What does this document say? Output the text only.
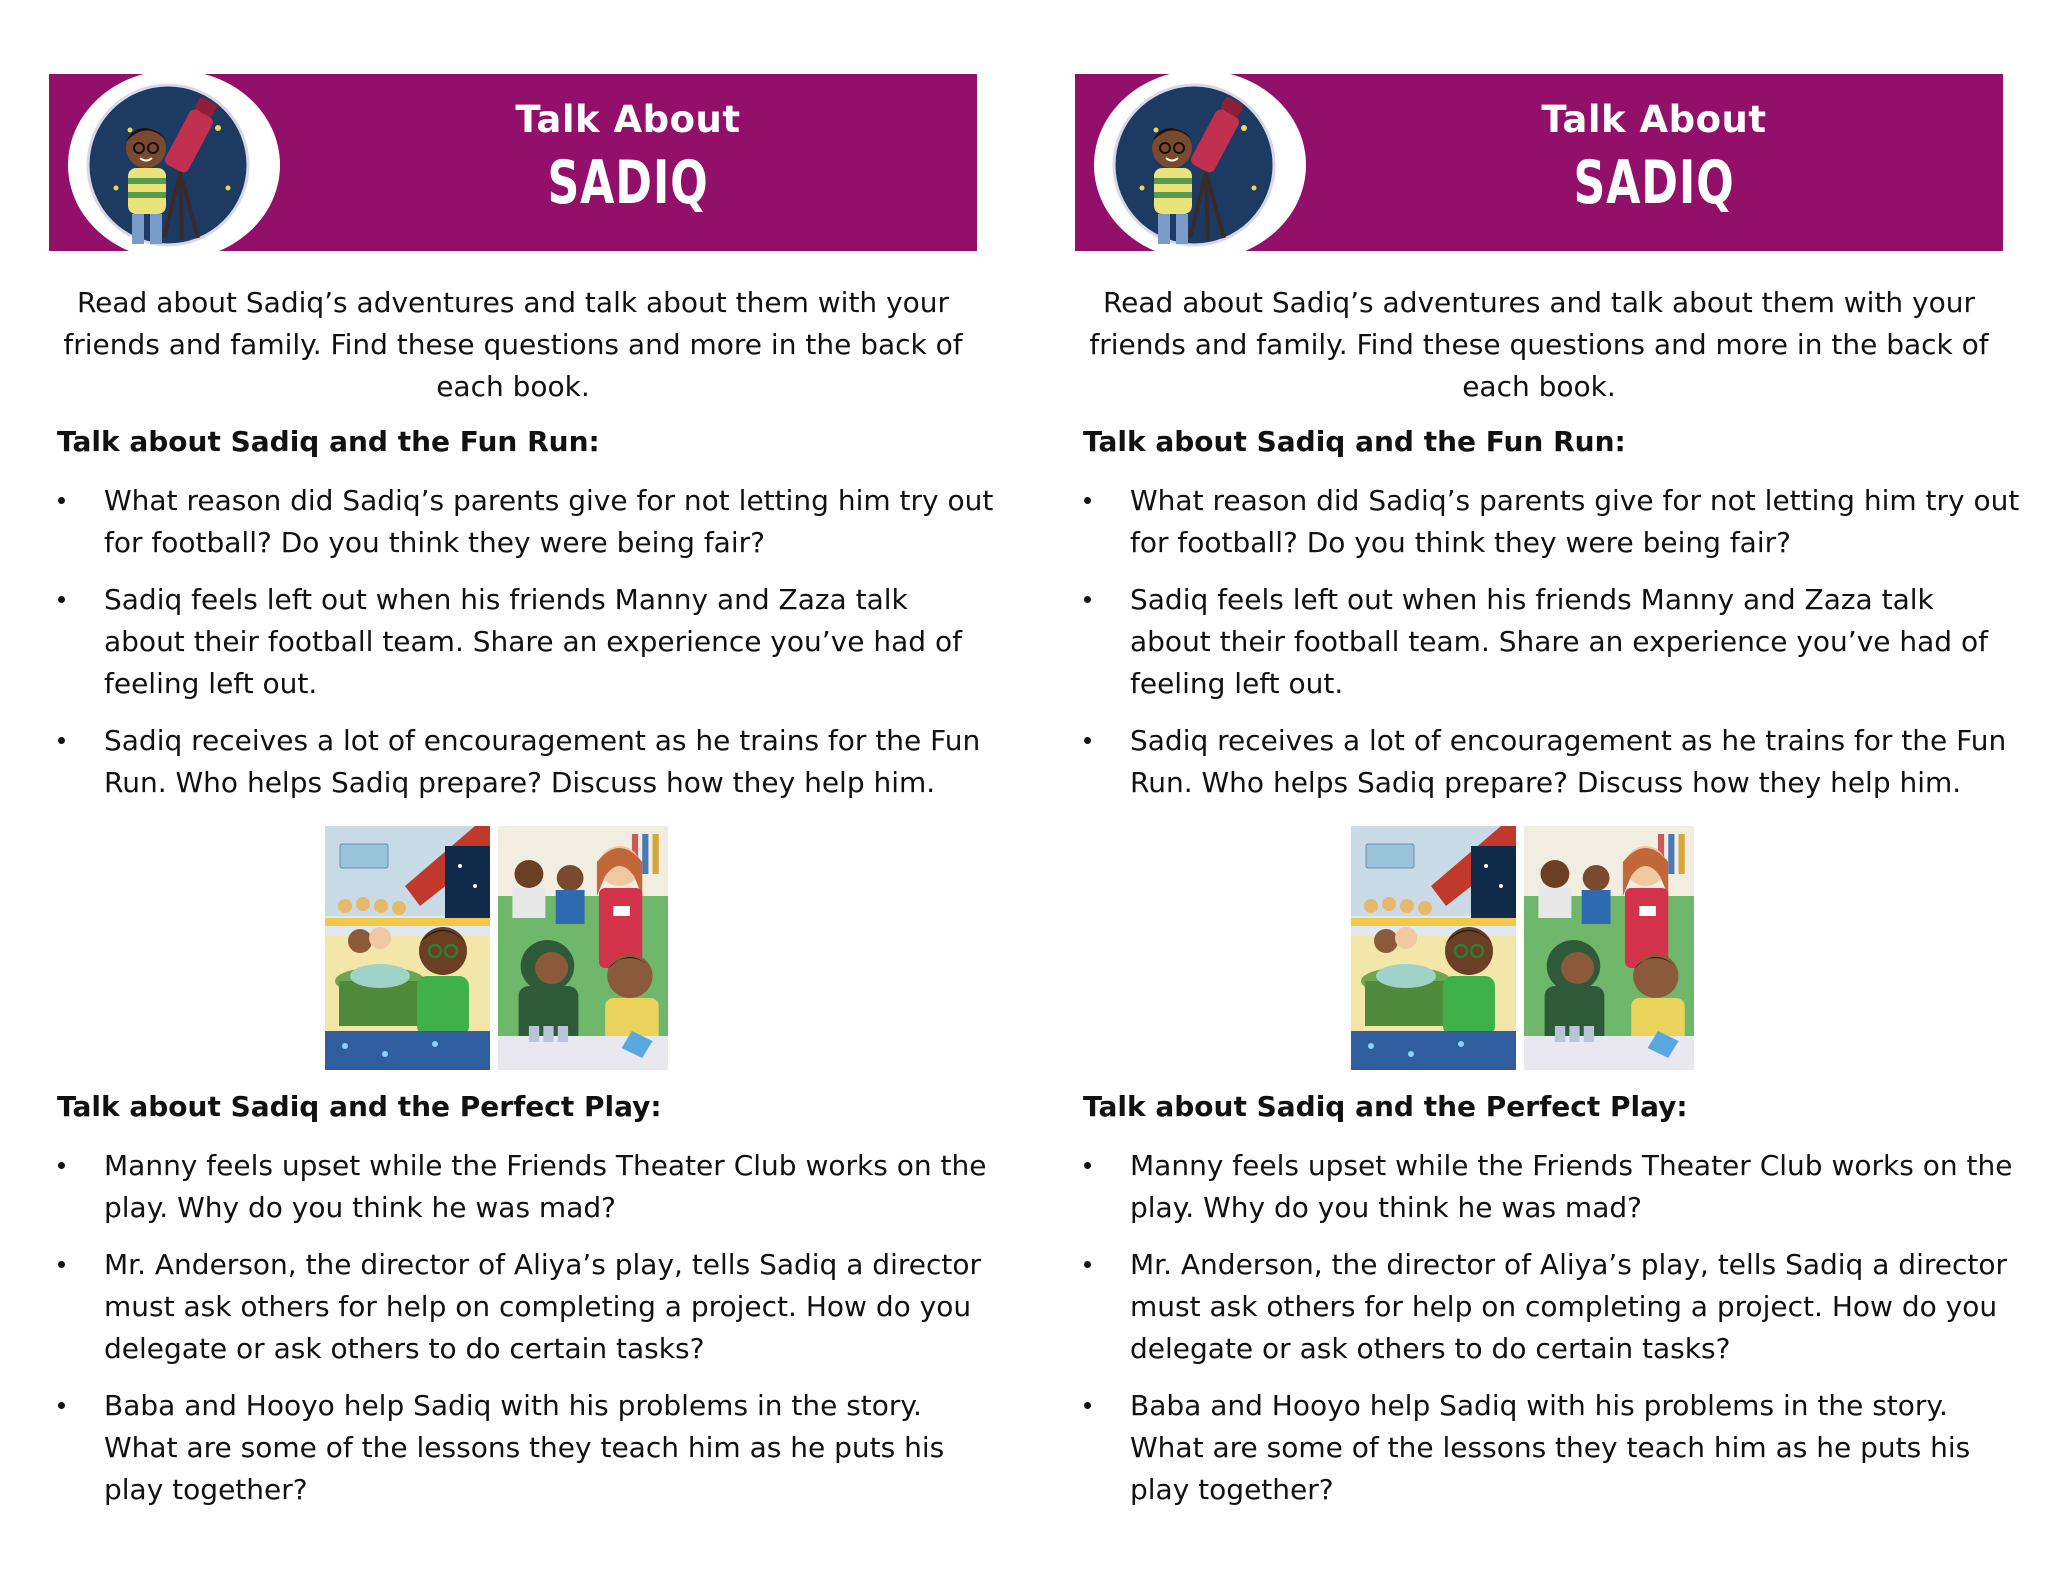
Talk About
SADIQ
Read about Sadiq’s adventures and talk about them with your
friends and family. Find these questions and more in the back of
each book.
Talk about Sadiq and the Fun Run:
What reason did Sadiq’s parents give for not letting him try out
for football? Do you think they were being fair?
Sadiq feels left out when his friends Manny and Zaza talk
about their football team. Share an experience you’ve had of
feeling left out.
Sadiq receives a lot of encouragement as he trains for the Fun
Run. Who helps Sadiq prepare? Discuss how they help him.
Talk about Sadiq and the Perfect Play:
Manny feels upset while the Friends Theater Club works on the
play. Why do you think he was mad?
Mr. Anderson, the director of Aliya’s play, tells Sadiq a director
must ask others for help on completing a project. How do you
delegate or ask others to do certain tasks?
Baba and Hooyo help Sadiq with his problems in the story.
What are some of the lessons they teach him as he puts his
play together?
Talk About
SADIQ
Read about Sadiq’s adventures and talk about them with your
friends and family. Find these questions and more in the back of
each book.
Talk about Sadiq and the Fun Run:
What reason did Sadiq’s parents give for not letting him try out
for football? Do you think they were being fair?
Sadiq feels left out when his friends Manny and Zaza talk
about their football team. Share an experience you’ve had of
feeling left out.
Sadiq receives a lot of encouragement as he trains for the Fun
Run. Who helps Sadiq prepare? Discuss how they help him.
Talk about Sadiq and the Perfect Play:
Manny feels upset while the Friends Theater Club works on the
play. Why do you think he was mad?
Mr. Anderson, the director of Aliya’s play, tells Sadiq a director
must ask others for help on completing a project. How do you
delegate or ask others to do certain tasks?
Baba and Hooyo help Sadiq with his problems in the story.
What are some of the lessons they teach him as he puts his
play together?
